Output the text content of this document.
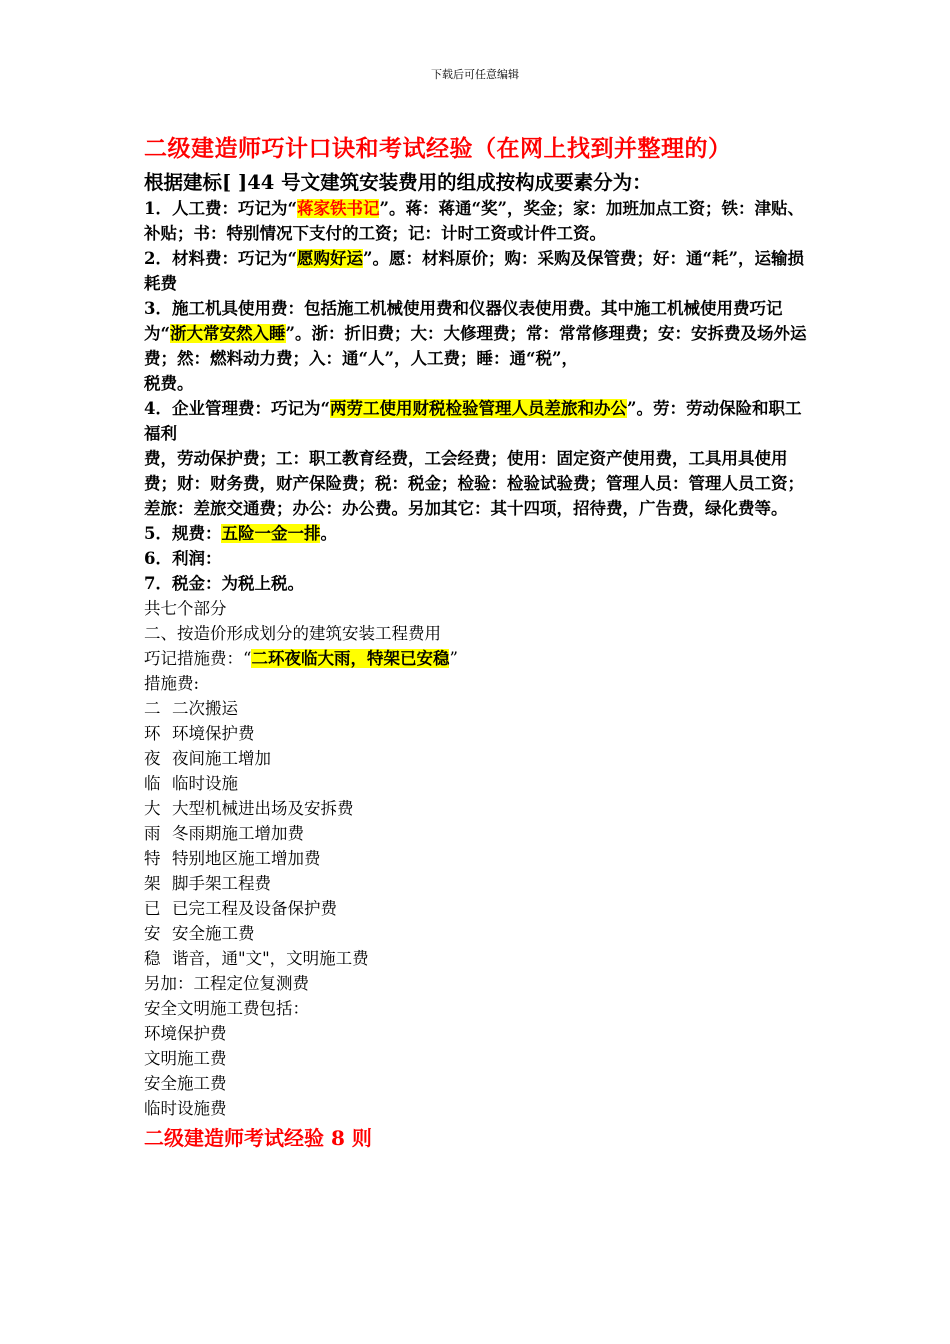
下载后可任意编辑

二级建造师巧计口诀和考试经验（在网上找到并整理的）

根据建标[ ]44 号文建筑安装费用的组成按构成要素分为：

1．人工费：巧记为“蒋家铁书记”。蒋：蒋通“奖”，奖金；家：加班加点工资；铁：津贴、

补贴；书：特别情况下支付的工资；记：计时工资或计件工资。

2．材料费：巧记为“愿购好运”。愿：材料原价；购：采购及保管费；好：通“耗”，运输损耗费

3．施工机具使用费：包括施工机械使用费和仪器仪表使用费。其中施工机械使用费巧记为“浙大常安然入睡”。浙：折旧费；大：大修理费；常：常常修理费；安：安拆费及场外运费；然：燃料动力费；入：通“人”，人工费；睡：通“税”，

税费。

4．企业管理费：巧记为“两劳工使用财税检验管理人员差旅和办公”。劳：劳动保险和职工福利

费，劳动保护费；工：职工教育经费，工会经费；使用：固定资产使用费，工具用具使用费；财：财务费，财产保险费；税：税金；检验：检验试验费；管理人员：管理人员工资；差旅：差旅交通费；办公：办公费。另加其它：其十四项，招待费，广告费，绿化费等。

5．规费：五险一金一排。

6．利润：

7．税金：为税上税。

共七个部分

二、按造价形成划分的建筑安装工程费用

巧记措施费：“二环夜临大雨，特架已安稳”

措施费:

二 二次搬运

环 环境保护费

夜 夜间施工增加

临 临时设施

大 大型机械进出场及安拆费

雨 冬雨期施工增加费

特 特别地区施工增加费

架 脚手架工程费

已 已完工程及设备保护费

安 安全施工费

稳 谐音，通"文"，文明施工费

另加：工程定位复测费

安全文明施工费包括：

环境保护费

文明施工费

安全施工费

临时设施费

二级建造师考试经验 8 则
